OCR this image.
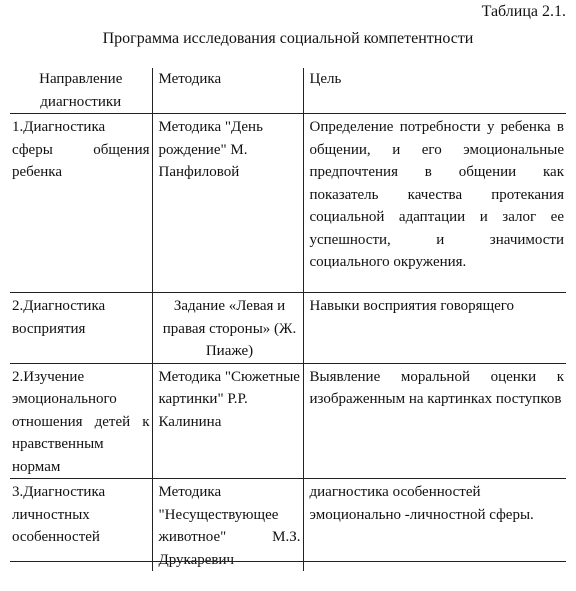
Таблица 2.1.
Программа исследования социальной компетентности
Направление диагностики	Методика	Цель
1.Диагностика сферы общения ребенка	Методика "День рождение" М. Панфиловой	Определение потребности у ребенка в общении, и его эмоциональные предпочтения в общении как показатель качества протекания социальной адаптации и залог ее успешности, и значимости социального окружения.
2.Диагностика восприятия	Задание «Левая и правая стороны» (Ж. Пиаже)	Навыки восприятия говорящего
2.Изучение эмоционального отношения детей к нравственным нормам	Методика "Сюжетные картинки" Р.Р. Калинина	Выявление моральной оценки к изображенным на картинках поступков
3.Диагностика личностных особенностей	Методика "Несуществующее животное" М.З. Друкаревич	диагностика особенностей эмоционально -личностной сферы.
